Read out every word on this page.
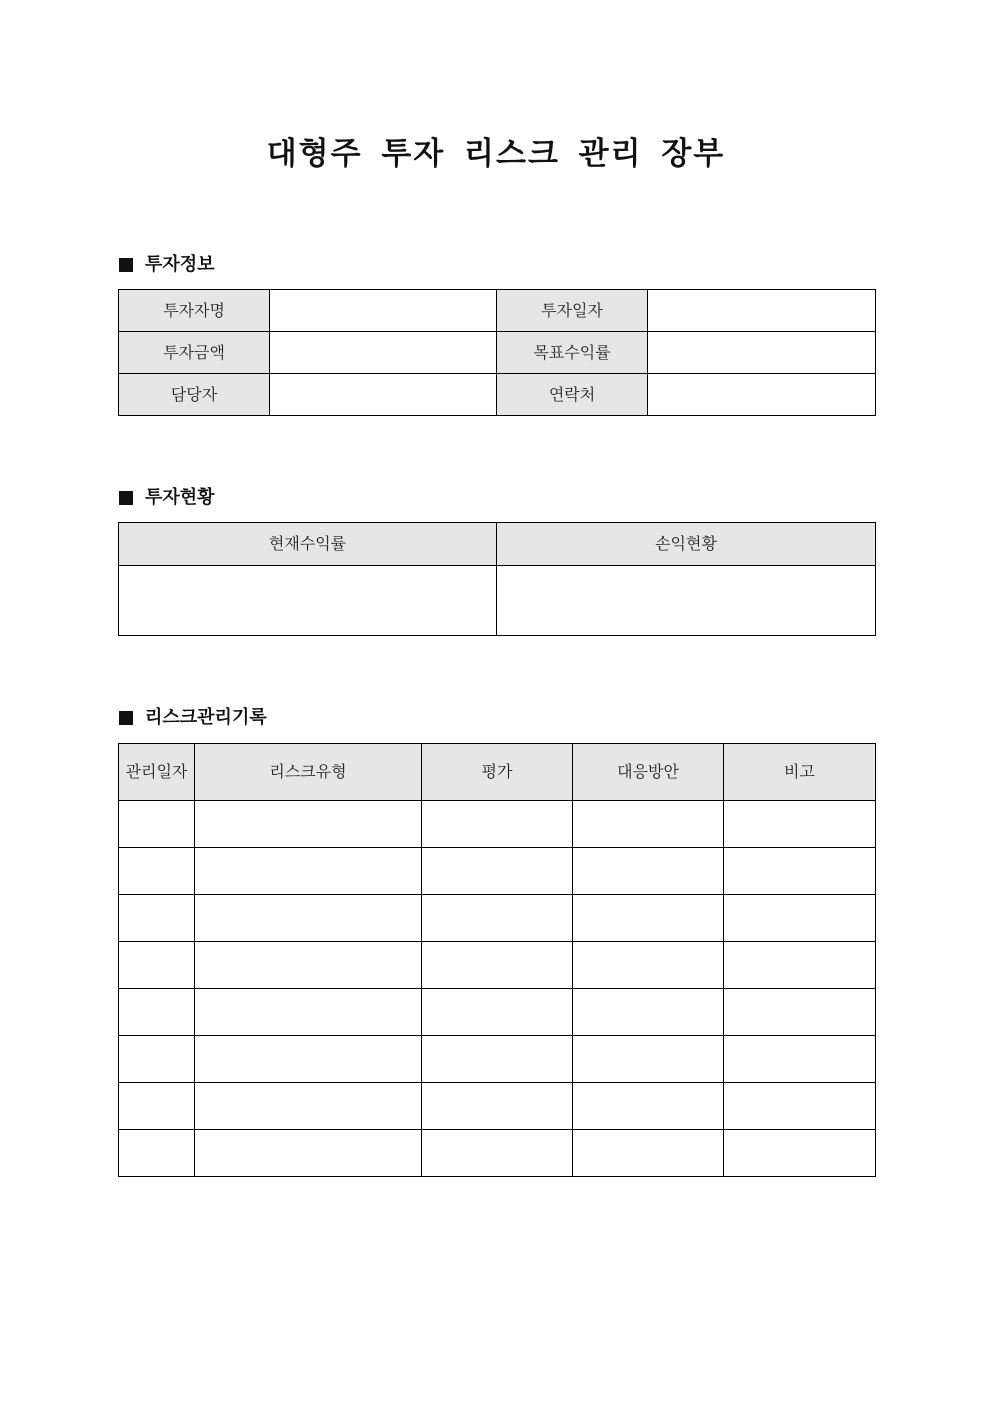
대형주 투자 리스크 관리 장부
투자정보
투자자명		투자일자	
투자금액		목표수익률	
담당자		연락처	
투자현황
현재수익률	손익현황

리스크관리기록
관리일자	리스크유형	평가	대응방안	비고
